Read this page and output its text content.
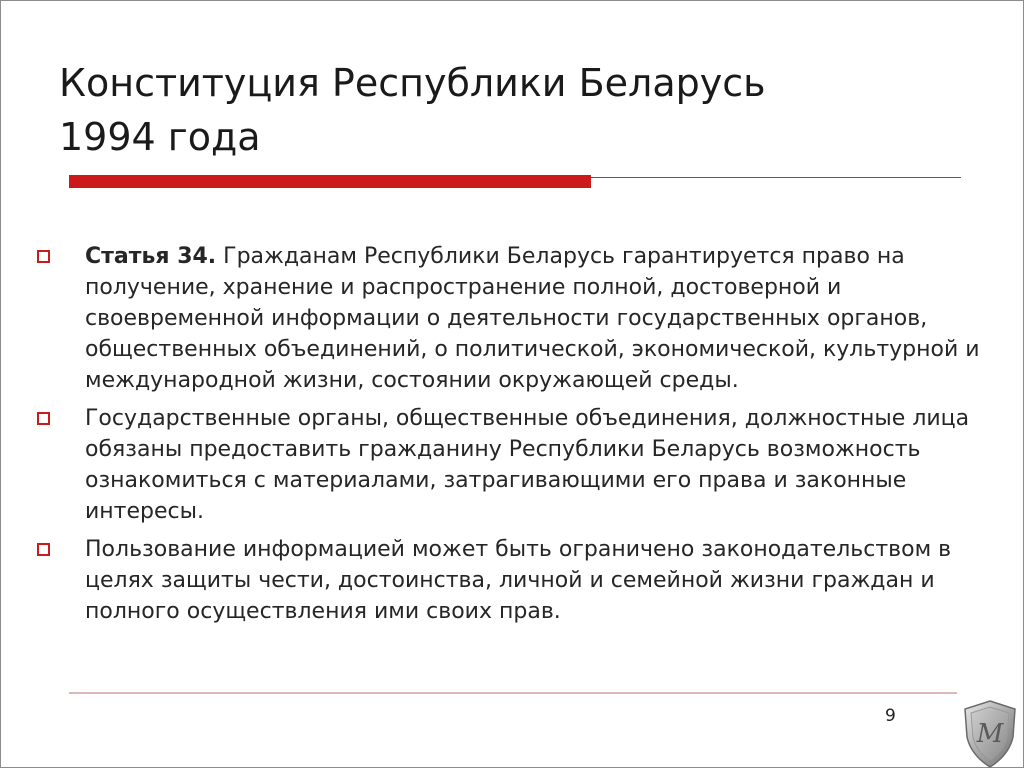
Конституция Республики Беларусь
1994 года
Статья 34. Гражданам Республики Беларусь гарантируется право на получение, хранение и распространение полной, достоверной и своевременной информации о деятельности государственных органов, общественных объединений, о политической, экономической, культурной и международной жизни, состоянии окружающей среды.
Государственные органы, общественные объединения, должностные лица обязаны предоставить гражданину Республики Беларусь возможность ознакомиться с материалами, затрагивающими его права и законные интересы.
Пользование информацией может быть ограничено законодательством в целях защиты чести, достоинства, личной и семейной жизни граждан и полного осуществления ими своих прав.
9
М
